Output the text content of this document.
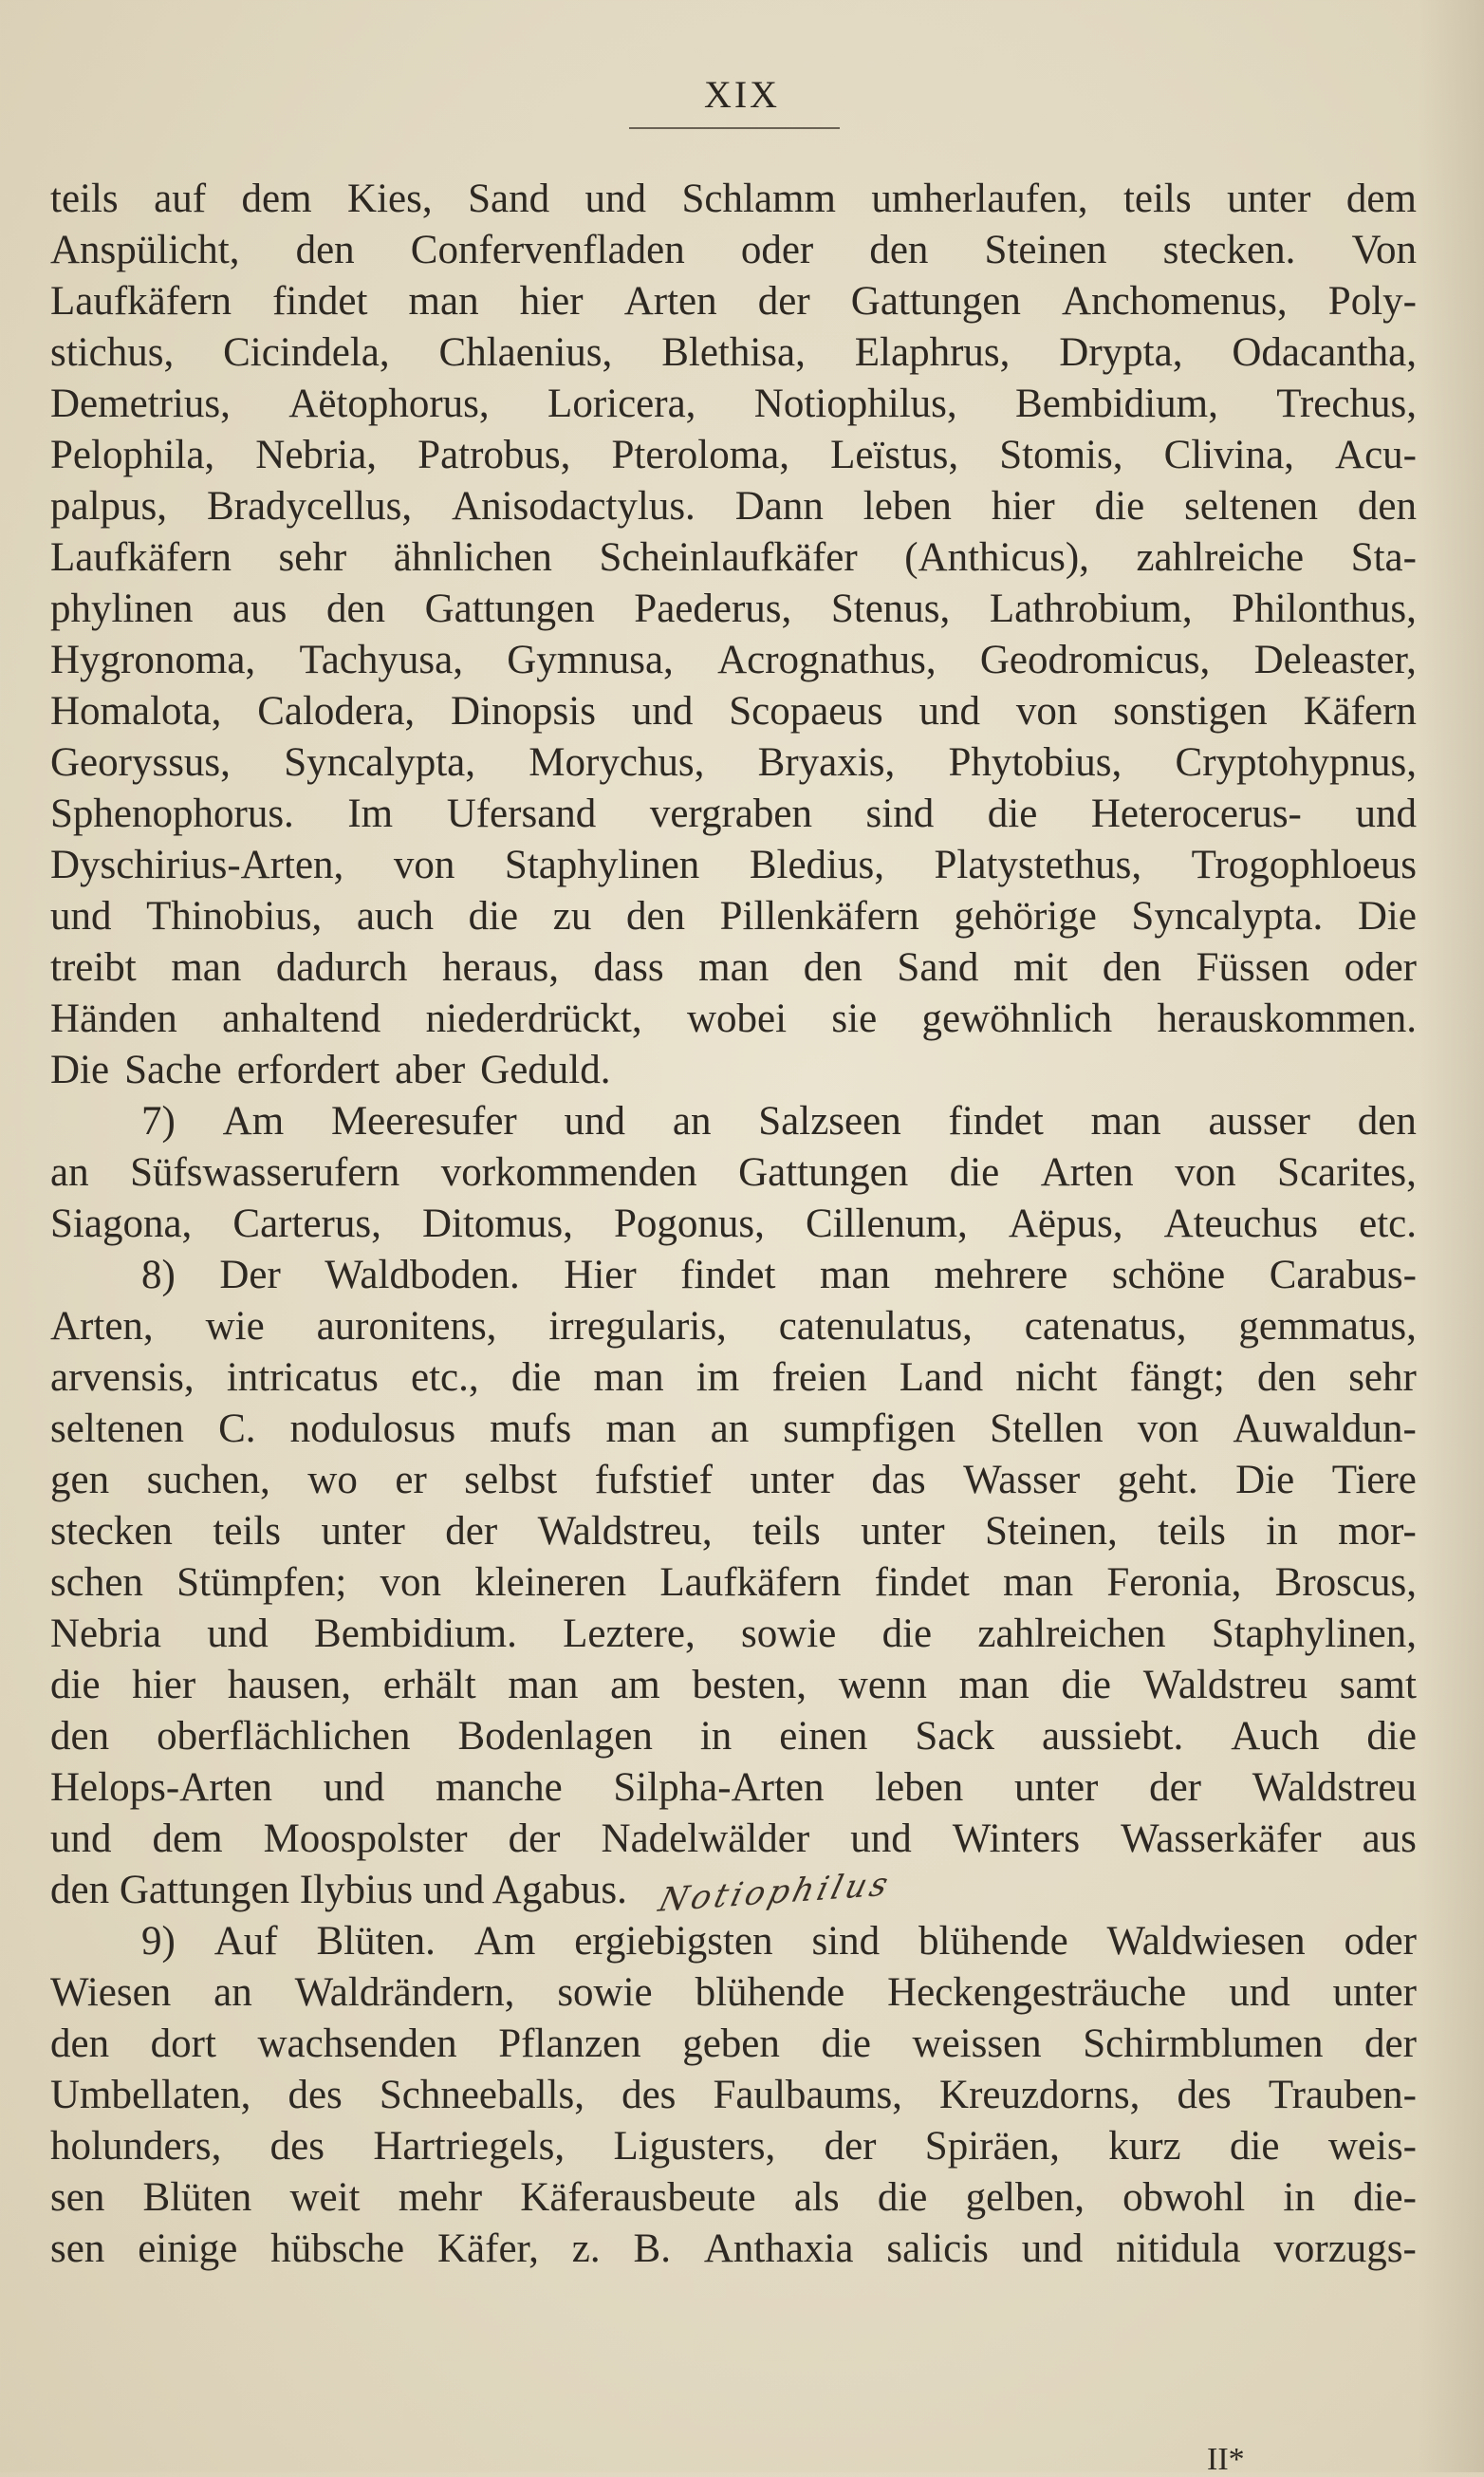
XIX
teils auf dem Kies, Sand und Schlamm umherlaufen, teils unter dem
Anspülicht, den Confervenfladen oder den Steinen stecken. Von
Laufkäfern findet man hier Arten der Gattungen Anchomenus, Poly-
stichus, Cicindela, Chlaenius, Blethisa, Elaphrus, Drypta, Odacantha,
Demetrius, Aëtophorus, Loricera, Notiophilus, Bembidium, Trechus,
Pelophila, Nebria, Patrobus, Pteroloma, Leïstus, Stomis, Clivina, Acu-
palpus, Bradycellus, Anisodactylus. Dann leben hier die seltenen den
Laufkäfern sehr ähnlichen Scheinlaufkäfer (Anthicus), zahlreiche Sta-
phylinen aus den Gattungen Paederus, Stenus, Lathrobium, Philonthus,
Hygronoma, Tachyusa, Gymnusa, Acrognathus, Geodromicus, Deleaster,
Homalota, Calodera, Dinopsis und Scopaeus und von sonstigen Käfern
Georyssus, Syncalypta, Morychus, Bryaxis, Phytobius, Cryptohypnus,
Sphenophorus. Im Ufersand vergraben sind die Heterocerus- und
Dyschirius-Arten, von Staphylinen Bledius, Platystethus, Trogophloeus
und Thinobius, auch die zu den Pillenkäfern gehörige Syncalypta. Die
treibt man dadurch heraus, dass man den Sand mit den Füssen oder
Händen anhaltend niederdrückt, wobei sie gewöhnlich herauskommen.
Die Sache erfordert aber Geduld.
7) Am Meeresufer und an Salzseen findet man ausser den
an Süfswasserufern vorkommenden Gattungen die Arten von Scarites,
Siagona, Carterus, Ditomus, Pogonus, Cillenum, Aëpus, Ateuchus etc.
8) Der Waldboden. Hier findet man mehrere schöne Carabus-
Arten, wie auronitens, irregularis, catenulatus, catenatus, gemmatus,
arvensis, intricatus etc., die man im freien Land nicht fängt; den sehr
seltenen C. nodulosus mufs man an sumpfigen Stellen von Auwaldun-
gen suchen, wo er selbst fufstief unter das Wasser geht. Die Tiere
stecken teils unter der Waldstreu, teils unter Steinen, teils in mor-
schen Stümpfen; von kleineren Laufkäfern findet man Feronia, Broscus,
Nebria und Bembidium. Leztere, sowie die zahlreichen Staphylinen,
die hier hausen, erhält man am besten, wenn man die Waldstreu samt
den oberflächlichen Bodenlagen in einen Sack aussiebt. Auch die
Helops-Arten und manche Silpha-Arten leben unter der Waldstreu
und dem Moospolster der Nadelwälder und Winters Wasserkäfer aus
den Gattungen Ilybius und Agabus. Notiophilus
9) Auf Blüten. Am ergiebigsten sind blühende Waldwiesen oder
Wiesen an Waldrändern, sowie blühende Heckengesträuche und unter
den dort wachsenden Pflanzen geben die weissen Schirmblumen der
Umbellaten, des Schneeballs, des Faulbaums, Kreuzdorns, des Trauben-
holunders, des Hartriegels, Ligusters, der Spiräen, kurz die weis-
sen Blüten weit mehr Käferausbeute als die gelben, obwohl in die-
sen einige hübsche Käfer, z. B. Anthaxia salicis und nitidula vorzugs-
II*
